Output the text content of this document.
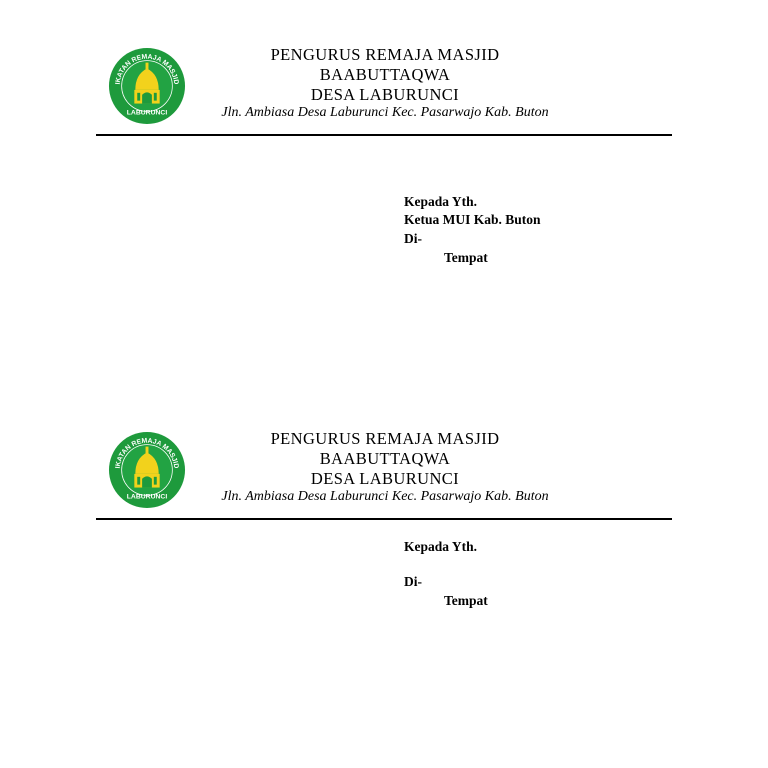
IKATAN REMAJA MASJID
LABURUNCI
PENGURUS REMAJA MASJID
BAABUTTAQWA
DESA LABURUNCI
Jln. Ambiasa Desa Laburunci Kec. Pasarwajo Kab. Buton
Kepada Yth.
Ketua MUI Kab. Buton
Di-
Tempat
IKATAN REMAJA MASJID
LABURUNCI
PENGURUS REMAJA MASJID
BAABUTTAQWA
DESA LABURUNCI
Jln. Ambiasa Desa Laburunci Kec. Pasarwajo Kab. Buton
Kepada Yth.
Di-
Tempat
